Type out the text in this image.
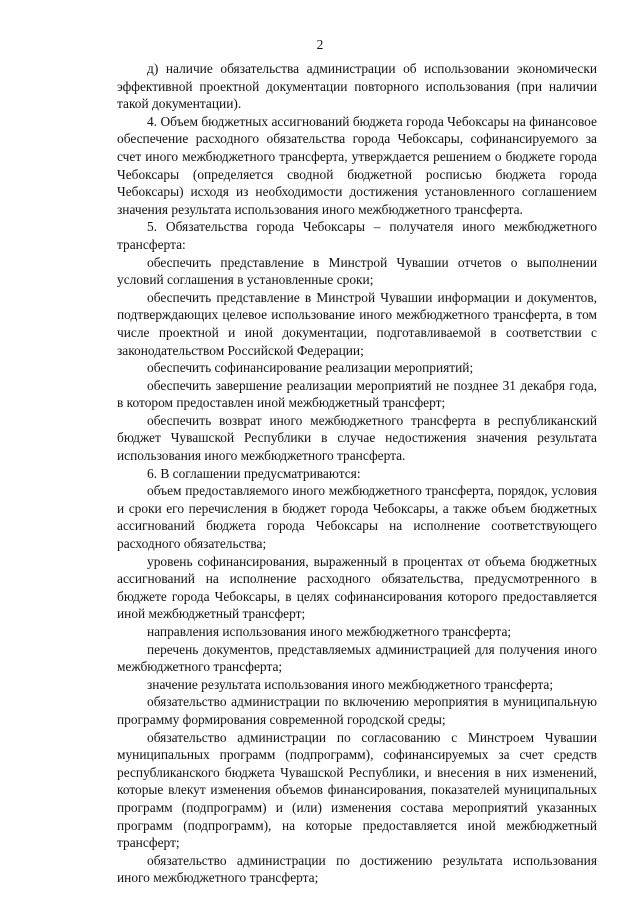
2

д) наличие обязательства администрации об использовании экономически эффективной проектной документации повторного использования (при наличии такой документации).

4. Объем бюджетных ассигнований бюджета города Чебоксары на финансовое обеспечение расходного обязательства города Чебоксары, софинансируемого за счет иного межбюджетного трансферта, утверждается решением о бюджете города Чебоксары (определяется сводной бюджетной росписью бюджета города Чебоксары) исходя из необходимости достижения установленного соглашением значения результата использования иного межбюджетного трансферта.

5. Обязательства города Чебоксары – получателя иного межбюджетного трансферта:

обеспечить представление в Минстрой Чувашии отчетов о выполнении условий соглашения в установленные сроки;

обеспечить представление в Минстрой Чувашии информации и документов, подтверждающих целевое использование иного межбюджетного трансферта, в том числе проектной и иной документации, подготавливаемой в соответствии с законодательством Российской Федерации;

обеспечить софинансирование реализации мероприятий;

обеспечить завершение реализации мероприятий не позднее 31 декабря года, в котором предоставлен иной межбюджетный трансферт;

обеспечить возврат иного межбюджетного трансферта в республиканский бюджет Чувашской Республики в случае недостижения значения результата использования иного межбюджетного трансферта.

6. В соглашении предусматриваются:

объем предоставляемого иного межбюджетного трансферта, порядок, условия и сроки его перечисления в бюджет города Чебоксары, а также объем бюджетных ассигнований бюджета города Чебоксары на исполнение соответствующего расходного обязательства;

уровень софинансирования, выраженный в процентах от объема бюджетных ассигнований на исполнение расходного обязательства, предусмотренного в бюджете города Чебоксары, в целях софинансирования которого предоставляется иной межбюджетный трансферт;

направления использования иного межбюджетного трансферта;

перечень документов, представляемых администрацией для получения иного межбюджетного трансферта;

значение результата использования иного межбюджетного трансферта;

обязательство администрации по включению мероприятия в муниципальную программу формирования современной городской среды;

обязательство администрации по согласованию с Минстроем Чувашии муниципальных программ (подпрограмм), софинансируемых за счет средств республиканского бюджета Чувашской Республики, и внесения в них изменений, которые влекут изменения объемов финансирования, показателей муниципальных программ (подпрограмм) и (или) изменения состава мероприятий указанных программ (подпрограмм), на которые предоставляется иной межбюджетный трансферт;

обязательство администрации по достижению результата использования иного межбюджетного трансферта;
